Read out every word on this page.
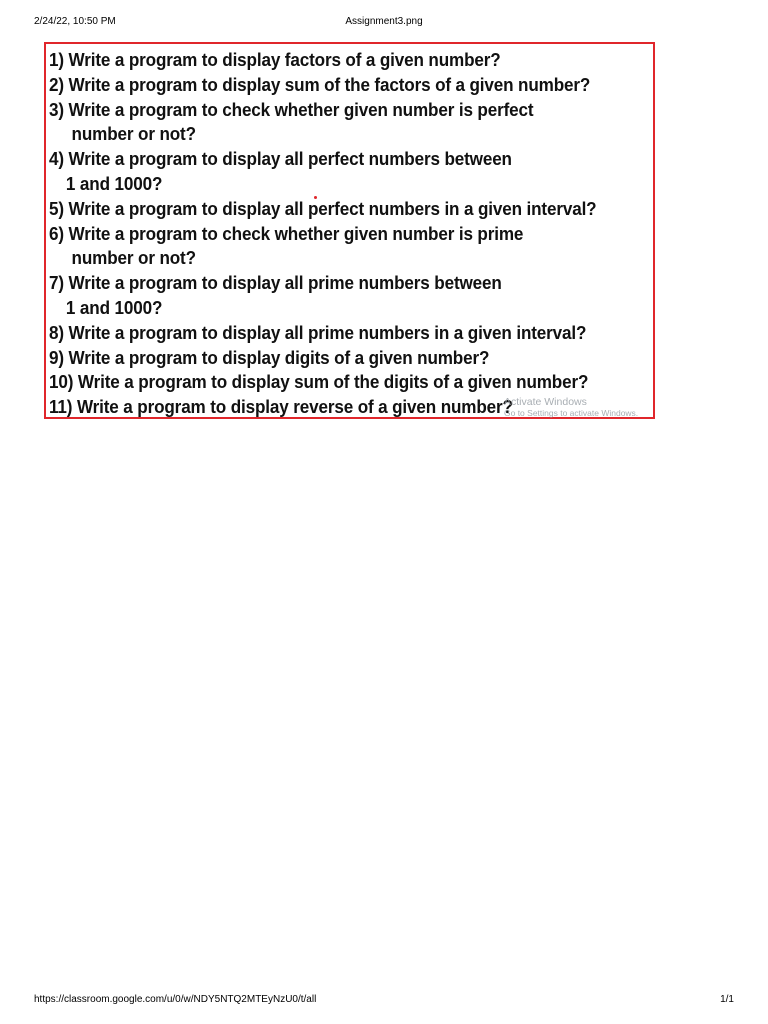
2/24/22, 10:50 PM	Assignment3.png
1) Write a program to display factors of a given number?
2) Write a program to display sum of the factors of a given number?
3) Write a program to check whether given number is perfect
number or not?
4) Write a program to display all perfect numbers between
1 and 1000?
5) Write a program to display all perfect numbers in a given interval?
6) Write a program to check whether given number is prime
number or not?
7) Write a program to display all prime numbers between
1 and 1000?
8) Write a program to display all prime numbers in a given interval?
9) Write a program to display digits of a given number?
10) Write a program to display sum of the digits of a given number?
11) Write a program to display reverse of a given number?
Activate Windows
Go to Settings to activate Windows.
https://classroom.google.com/u/0/w/NDY5NTQ2MTEyNzU0/t/all	1/1
